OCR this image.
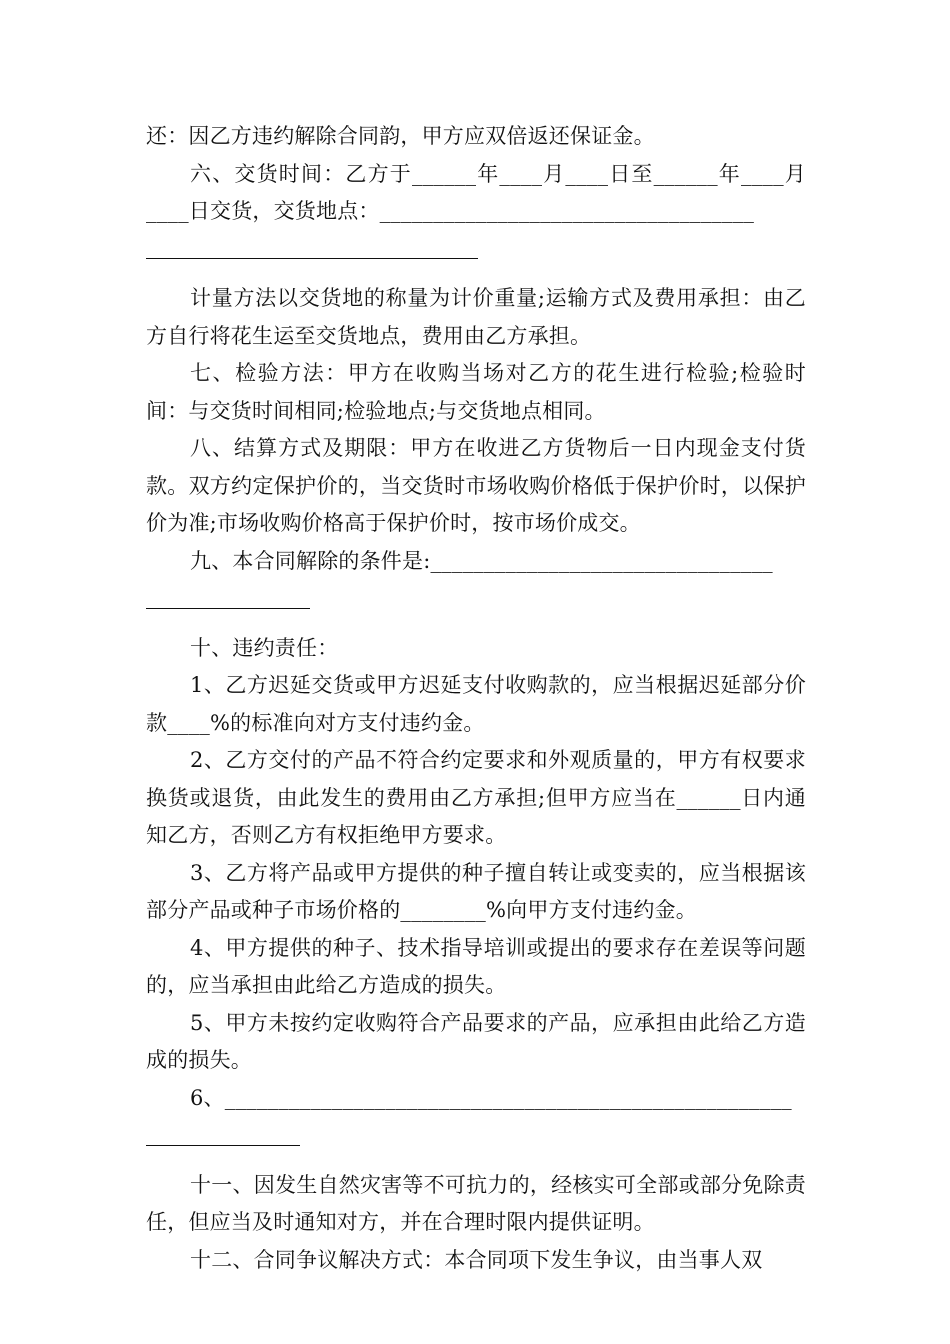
还：因乙方违约解除合同韵，甲方应双倍返还保证金。

六、交货时间：乙方于______年____月____日至______年____月____日交货，交货地点：___________________________________

计量方法以交货地的称量为计价重量;运输方式及费用承担：由乙方自行将花生运至交货地点，费用由乙方承担。

七、检验方法：甲方在收购当场对乙方的花生进行检验;检验时间：与交货时间相同;检验地点;与交货地点相同。

八、结算方式及期限：甲方在收进乙方货物后一日内现金支付货款。双方约定保护价的，当交货时市场收购价格低于保护价时，以保护价为准;市场收购价格高于保护价时，按市场价成交。

九、本合同解除的条件是:________________________________

十、违约责任：

1、乙方迟延交货或甲方迟延支付收购款的，应当根据迟延部分价款____%的标准向对方支付违约金。

2、乙方交付的产品不符合约定要求和外观质量的，甲方有权要求换货或退货，由此发生的费用由乙方承担;但甲方应当在______日内通知乙方，否则乙方有权拒绝甲方要求。

3、乙方将产品或甲方提供的种子擅自转让或变卖的，应当根据该部分产品或种子市场价格的________%向甲方支付违约金。

4、甲方提供的种子、技术指导培训或提出的要求存在差误等问题的，应当承担由此给乙方造成的损失。

5、甲方未按约定收购符合产品要求的产品，应承担由此给乙方造成的损失。

6、_____________________________________________________

十一、因发生自然灾害等不可抗力的，经核实可全部或部分免除责任，但应当及时通知对方，并在合理时限内提供证明。

十二、合同争议解决方式：本合同项下发生争议，由当事人双
